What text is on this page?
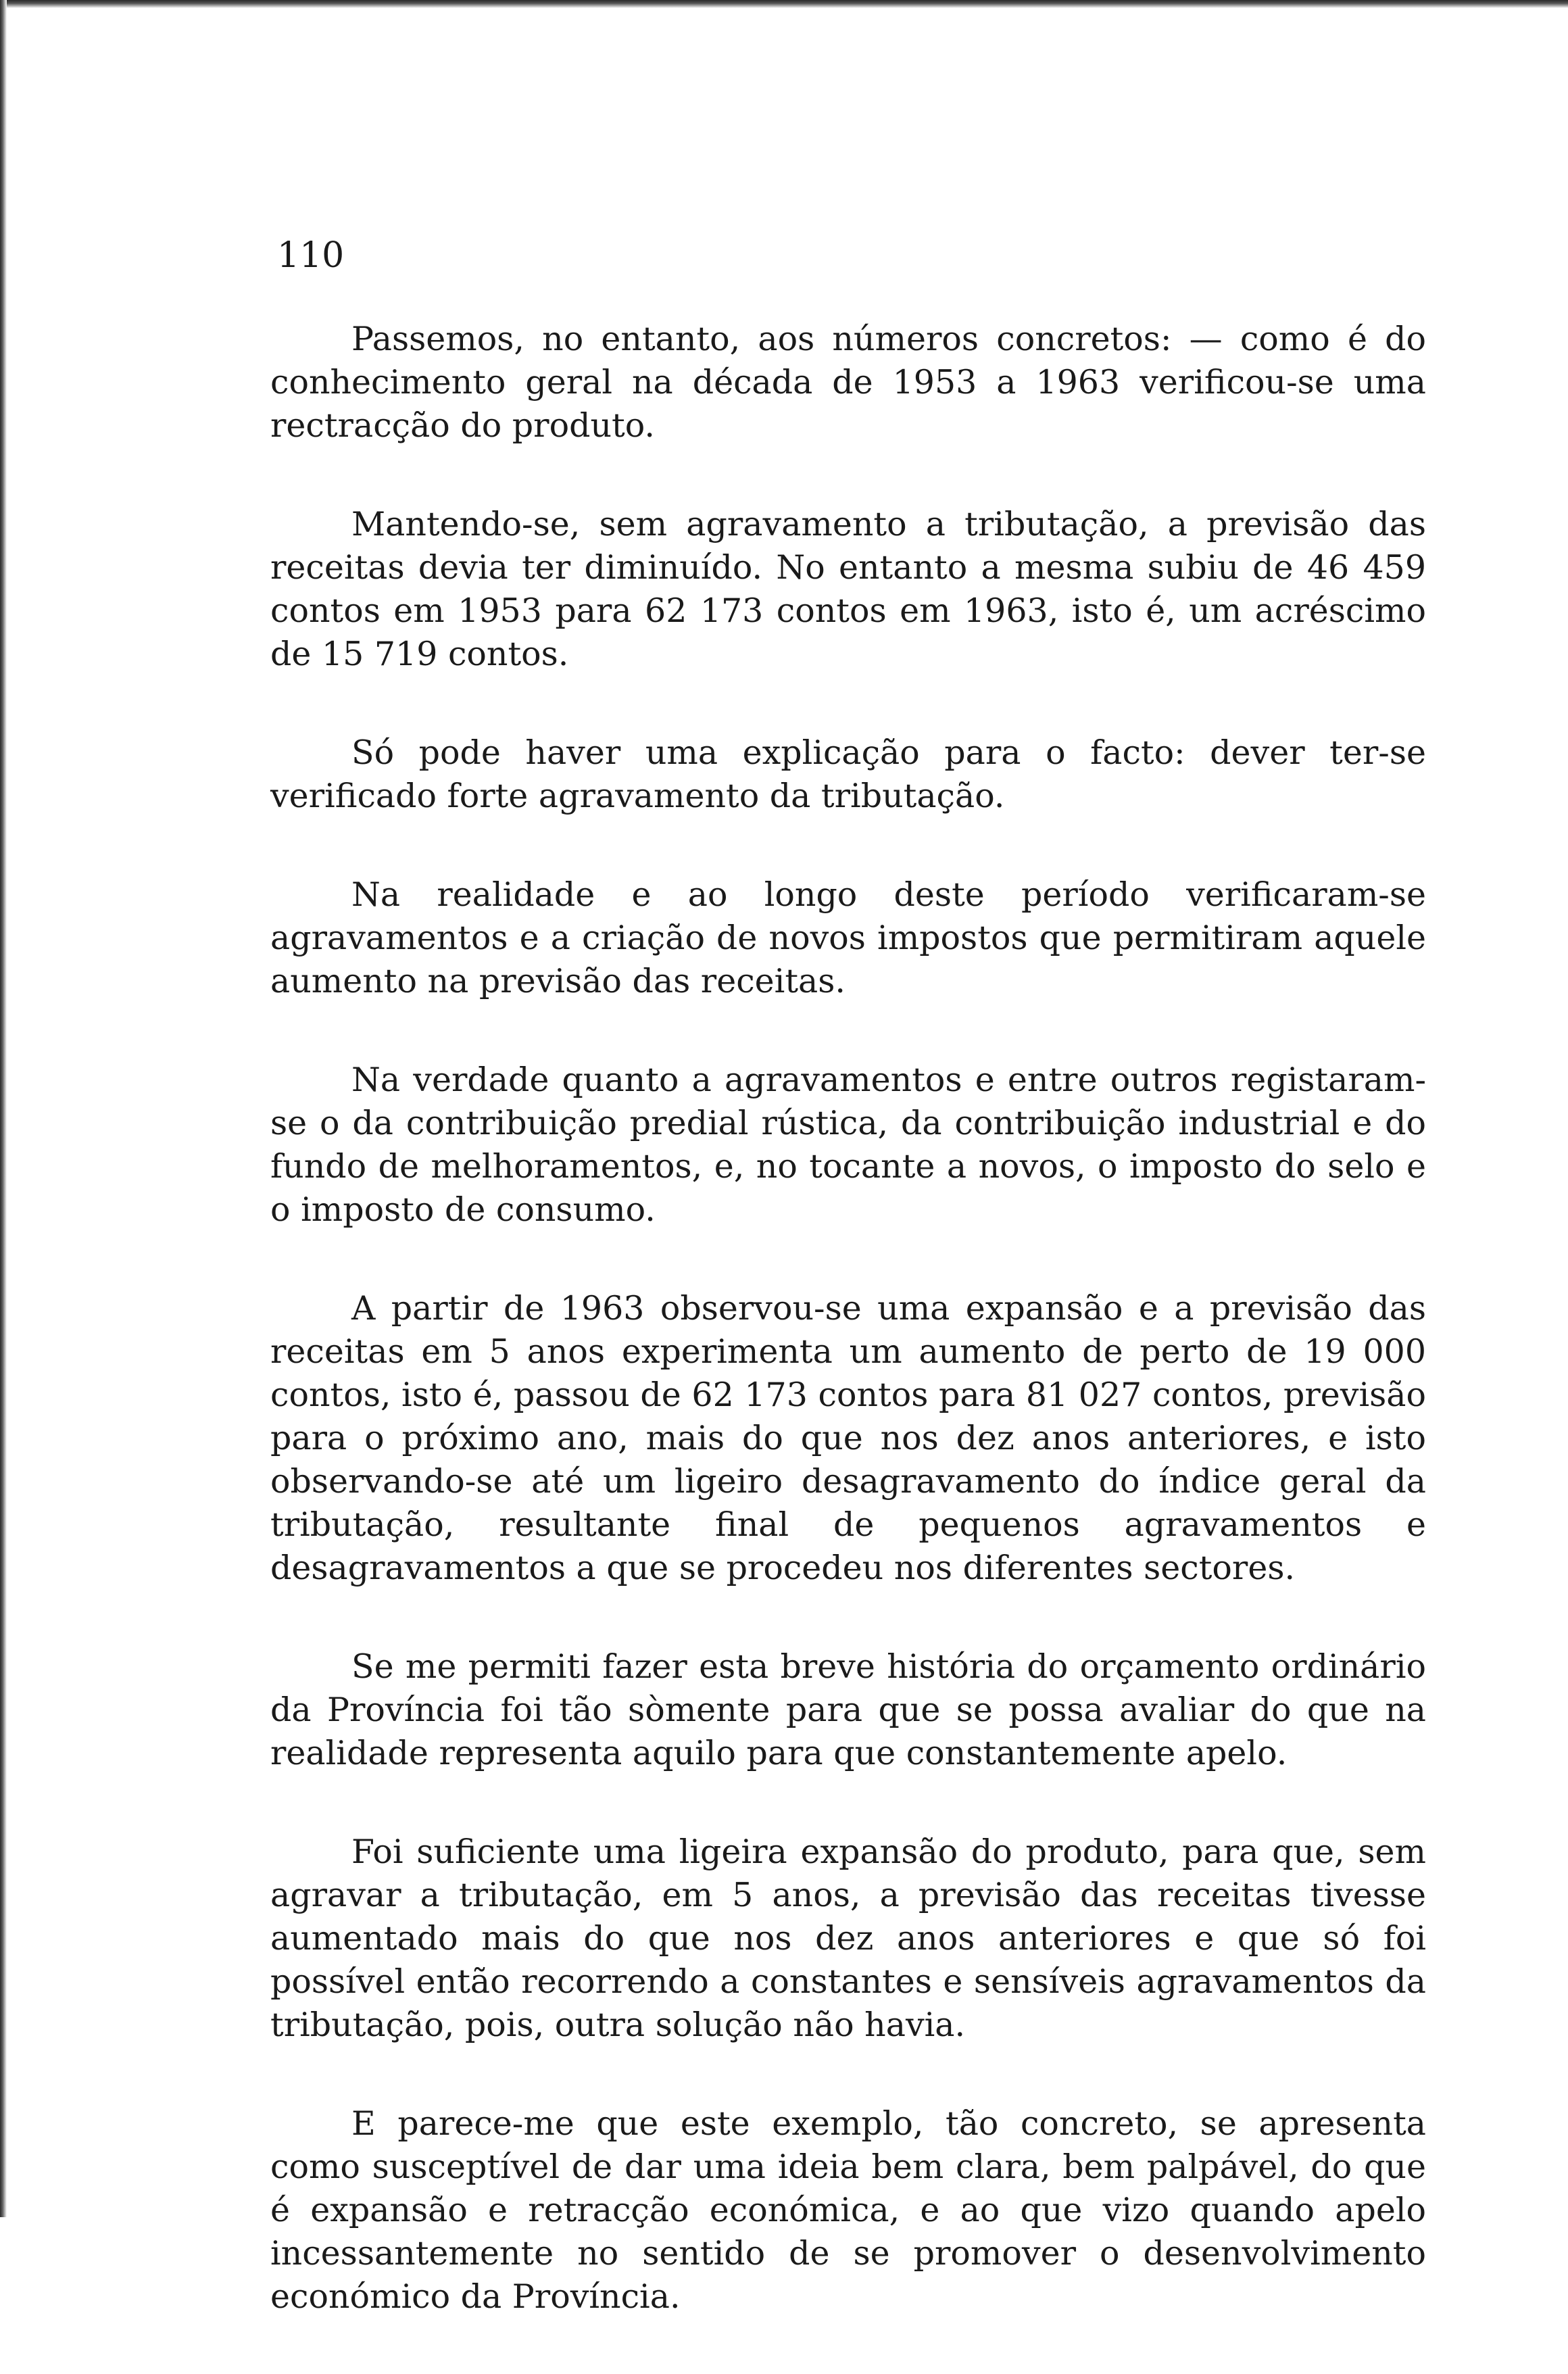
110

Passemos, no entanto, aos números concretos: — como é do conhecimento geral na década de 1953 a 1963 verificou-se uma rectracção do produto.

Mantendo-se, sem agravamento a tributação, a previsão das receitas devia ter diminuído. No entanto a mesma subiu de 46 459 contos em 1953 para 62 173 contos em 1963, isto é, um acréscimo de 15 719 contos.

Só pode haver uma explicação para o facto: dever ter-se verificado forte agravamento da tributação.

Na realidade e ao longo deste período verificaram-se agravamentos e a criação de novos impostos que permitiram aquele aumento na previsão das receitas.

Na verdade quanto a agravamentos e entre outros registaram-se o da contribuição predial rústica, da contribuição industrial e do fundo de melhoramentos, e, no tocante a novos, o imposto do selo e o imposto de consumo.

A partir de 1963 observou-se uma expansão e a previsão das receitas em 5 anos experimenta um aumento de perto de 19 000 contos, isto é, passou de 62 173 contos para 81 027 contos, previsão para o próximo ano, mais do que nos dez anos anteriores, e isto observando-se até um ligeiro desagravamento do índice geral da tributação, resultante final de pequenos agravamentos e desagravamentos a que se procedeu nos diferentes sectores.

Se me permiti fazer esta breve história do orçamento ordinário da Província foi tão sòmente para que se possa avaliar do que na realidade representa aquilo para que constantemente apelo.

Foi suficiente uma ligeira expansão do produto, para que, sem agravar a tributação, em 5 anos, a previsão das receitas tivesse aumentado mais do que nos dez anos anteriores e que só foi possível então recorrendo a constantes e sensíveis agravamentos da tributação, pois, outra solução não havia.

E parece-me que este exemplo, tão concreto, se apresenta como susceptível de dar uma ideia bem clara, bem palpável, do que é expansão e retracção económica, e ao que vizo quando apelo incessantemente no sentido de se promover o desenvolvimento económico da Província.
